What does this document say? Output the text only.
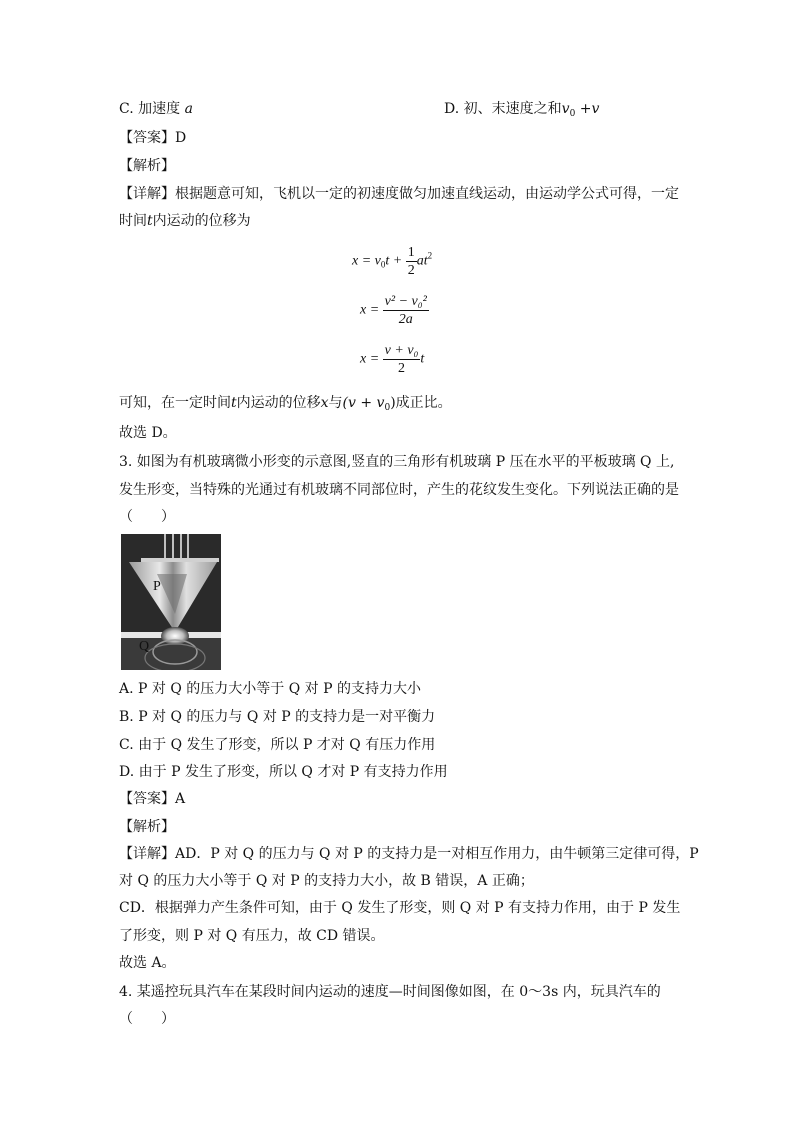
C. 加速度 a	D. 初、末速度之和$v_0 +v$
【答案】D
【解析】
【详解】根据题意可知，飞机以一定的初速度做匀加速直线运动，由运动学公式可得，一定
时间t内运动的位移为
$x = v_0t + \frac{1}{2} at^2$
$x = \frac{\text{v² − v₀²}}{2a}$
$x = \frac{\text{v + v₀}}{2}$ t
可知，在一定时间t内运动的位移x与$(v + v_0)$成正比。
故选 D。
3. 如图为有机玻璃微小形变的示意图,竖直的三角形有机玻璃 P 压在水平的平板玻璃 Q 上,
发生形变，当特殊的光通过有机玻璃不同部位时，产生的花纹发生变化。下列说法正确的是
（　　）
P
Q
A. P 对 Q 的压力大小等于 Q 对 P 的支持力大小
B. P 对 Q 的压力与 Q 对 P 的支持力是一对平衡力
C. 由于 Q 发生了形变，所以 P 才对 Q 有压力作用
D. 由于 P 发生了形变，所以 Q 才对 P 有支持力作用
【答案】A
【解析】
【详解】AD．P 对 Q 的压力与 Q 对 P 的支持力是一对相互作用力，由牛顿第三定律可得，P
对 Q 的压力大小等于 Q 对 P 的支持力大小，故 B 错误，A 正确；
CD．根据弹力产生条件可知，由于 Q 发生了形变，则 Q 对 P 有支持力作用，由于 P 发生
了形变，则 P 对 Q 有压力，故 CD 错误。
故选 A。
4. 某遥控玩具汽车在某段时间内运动的速度—时间图像如图，在 0～3s 内，玩具汽车的
（　　）
